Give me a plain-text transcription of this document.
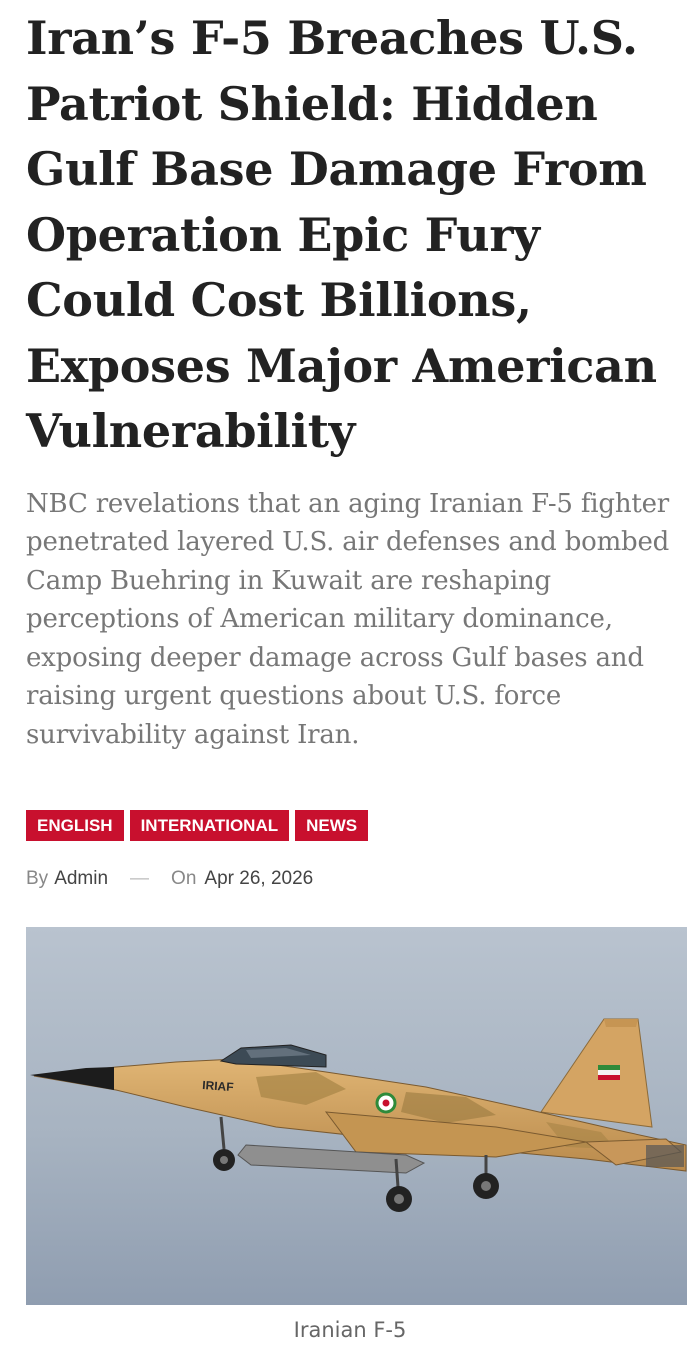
Iran’s F-5 Breaches U.S. Patriot Shield: Hidden Gulf Base Damage From Operation Epic Fury Could Cost Billions, Exposes Major American Vulnerability

NBC revelations that an aging Iranian F-5 fighter penetrated layered U.S. air defenses and bombed Camp Buehring in Kuwait are reshaping perceptions of American military dominance, exposing deeper damage across Gulf bases and raising urgent questions about U.S. force survivability against Iran.

ENGLISH	INTERNATIONAL	NEWS
By Admin — On Apr 26, 2026
IRIAF
Iranian F-5
